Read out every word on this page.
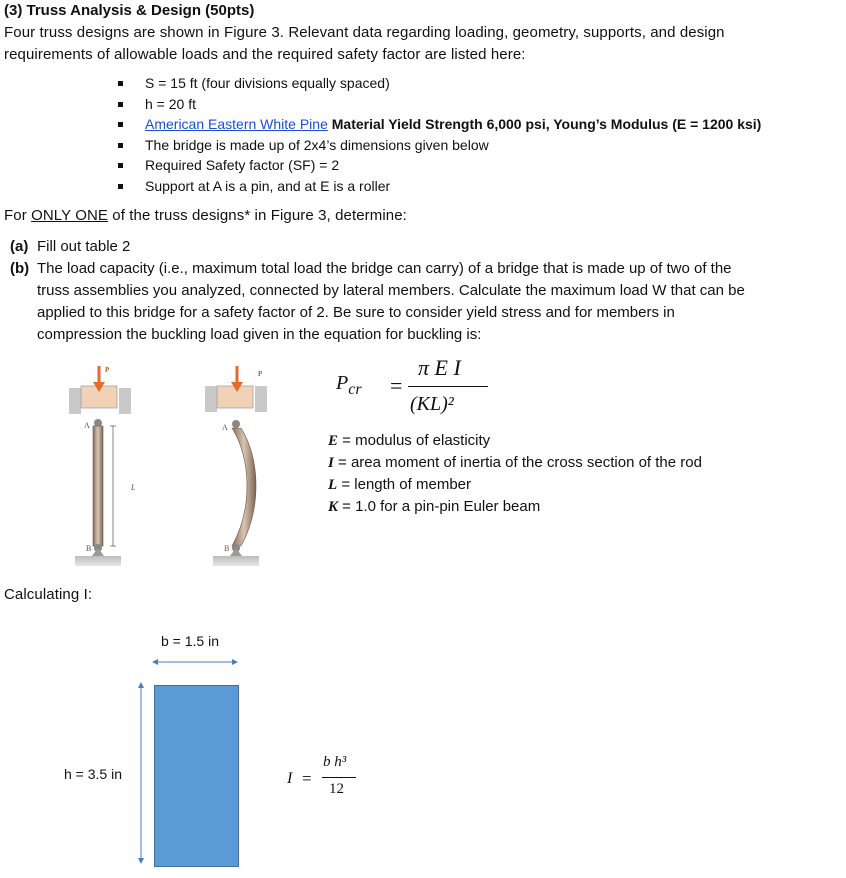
(3) Truss Analysis & Design (50pts)
Four truss designs are shown in Figure 3. Relevant data regarding loading, geometry, supports, and design
requirements of allowable loads and the required safety factor are listed here:
S = 15 ft (four divisions equally spaced)
h = 20 ft
American Eastern White Pine Material Yield Strength 6,000 psi, Young’s Modulus (E = 1200 ksi)
The bridge is made up of 2x4’s dimensions given below
Required Safety factor (SF) = 2
Support at A is a pin, and at E is a roller
For ONLY ONE of the truss designs* in Figure 3, determine:
(a) Fill out table 2
(b) The load capacity (i.e., maximum total load the bridge can carry) of a bridge that is made up of two of the
truss assemblies you analyzed, connected by lateral members. Calculate the maximum load W that can be
applied to this bridge for a safety factor of 2. Be sure to consider yield stress and for members in
compression the buckling load given in the equation for buckling is:
P
A
L
B
P
A
B
$P_{cr}$ =
π E I
(KL)²
E = modulus of elasticity
I = area moment of inertia of the cross section of the rod
L = length of member
K = 1.0 for a pin-pin Euler beam
Calculating I:
b = 1.5 in
h = 3.5 in	I =
b h³
12
